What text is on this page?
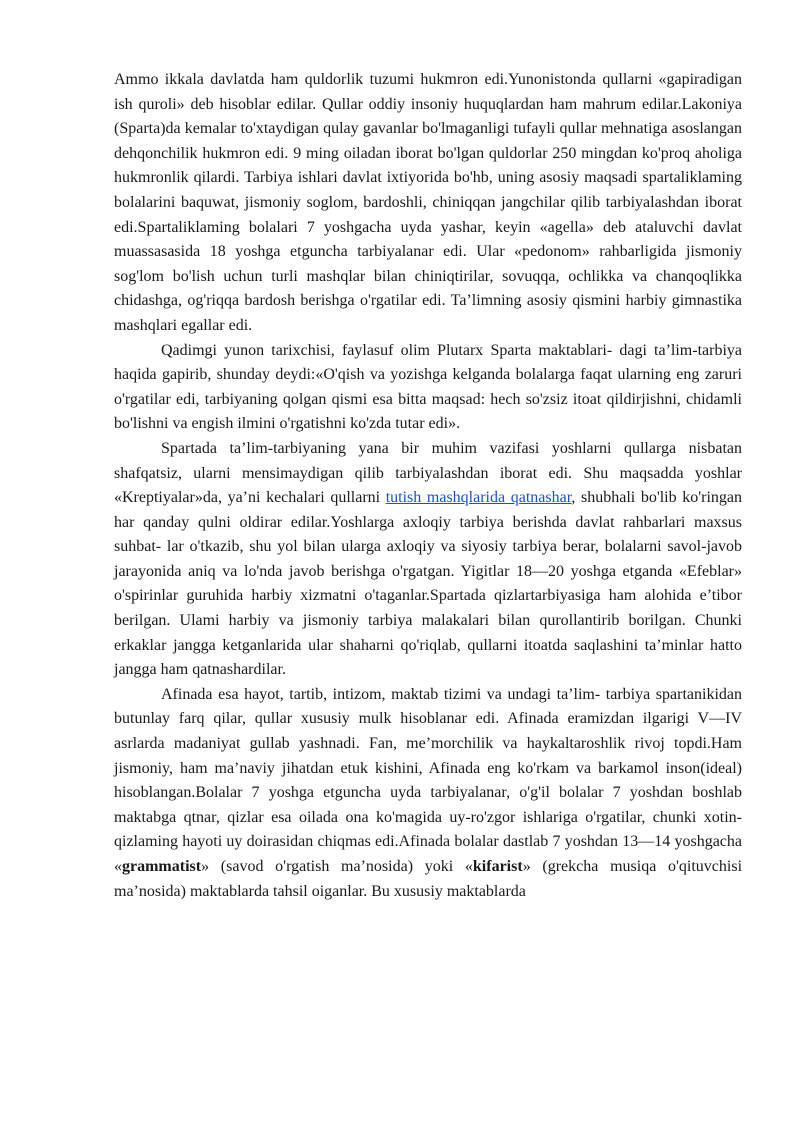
Ammo ikkala davlatda ham quldorlik tuzumi hukmron edi.Yunonistonda qullarni «gapiradigan ish quroli» deb hisoblar edilar. Qullar oddiy insoniy huquqlardan ham mahrum edilar.Lakoniya (Sparta)da kemalar to'xtaydigan qulay gavanlar bo'lmaganligi tufayli qullar mehnatiga asoslangan dehqonchilik hukmron edi. 9 ming oiladan iborat bo'lgan quldorlar 250 mingdan ko'proq aholiga hukmronlik qilardi. Tarbiya ishlari davlat ixtiyorida bo'hb, uning asosiy maqsadi spartaliklaming bolalarini baquwat, jismoniy soglom, bardoshli, chiniqqan jangchilar qilib tarbiyalashdan iborat edi.Spartaliklaming bolalari 7 yoshgacha uyda yashar, keyin «agella» deb ataluvchi davlat muassasasida 18 yoshga etguncha tarbiyalanar edi. Ular «pedonom» rahbarligida jismoniy sog'lom bo'lish uchun turli mashqlar bilan chiniqtirilar, sovuqqa, ochlikka va chanqoqlikka chidashga, og'riqqa bardosh berishga o'rgatilar edi. Ta’limning asosiy qismini harbiy gimnastika mashqlari egallar edi.

Qadimgi yunon tarixchisi, faylasuf olim Plutarx Sparta maktablari- dagi ta’lim-tarbiya haqida gapirib, shunday deydi:«O'qish va yozishga kelganda bolalarga faqat ularning eng zaruri o'rgatilar edi, tarbiyaning qolgan qismi esa bitta maqsad: hech so'zsiz itoat qildirjishni, chidamli bo'lishni va engish ilmini o'rgatishni ko'zda tutar edi».

Spartada ta’lim-tarbiyaning yana bir muhim vazifasi yoshlarni qullarga nisbatan shafqatsiz, ularni mensimaydigan qilib tarbiyalashdan iborat edi. Shu maqsadda yoshlar «Kreptiyalar»da, ya’ni kechalari qullarni tutish mashqlarida qatnashar, shubhali bo'lib ko'ringan har qanday qulni oldirar edilar.Yoshlarga axloqiy tarbiya berishda davlat rahbarlari maxsus suhbat- lar o'tkazib, shu yol bilan ularga axloqiy va siyosiy tarbiya berar, bolalarni savol-javob jarayonida aniq va lo'nda javob berishga o'rgatgan. Yigitlar 18—20 yoshga etganda «Efeblar» o'spirinlar guruhida harbiy xizmatni o'taganlar.Spartada qizlartarbiyasiga ham alohida e’tibor berilgan. Ulami harbiy va jismoniy tarbiya malakalari bilan qurollantirib borilgan. Chunki erkaklar jangga ketganlarida ular shaharni qo'riqlab, qullarni itoatda saqlashini ta’minlar hatto jangga ham qatnashardilar.

Afinada esa hayot, tartib, intizom, maktab tizimi va undagi ta’lim- tarbiya spartanikidan butunlay farq qilar, qullar xususiy mulk hisoblanar edi. Afinada eramizdan ilgarigi V—IV asrlarda madaniyat gullab yashnadi. Fan, me’morchilik va haykaltaroshlik rivoj topdi.Ham jismoniy, ham ma’naviy jihatdan etuk kishini, Afinada eng ko'rkam va barkamol inson(ideal) hisoblangan.Bolalar 7 yoshga etguncha uyda tarbiyalanar, o'g'il bolalar 7 yoshdan boshlab maktabga qtnar, qizlar esa oilada ona ko'magida uy-ro'zgor ishlariga o'rgatilar, chunki xotin-qizlaming hayoti uy doirasidan chiqmas edi.Afinada bolalar dastlab 7 yoshdan 13—14 yoshgacha «grammatist» (savod o'rgatish ma’nosida) yoki «kifarist» (grekcha musiqa o'qituvchisi ma’nosida) maktablarda tahsil oiganlar. Bu xususiy maktablarda
